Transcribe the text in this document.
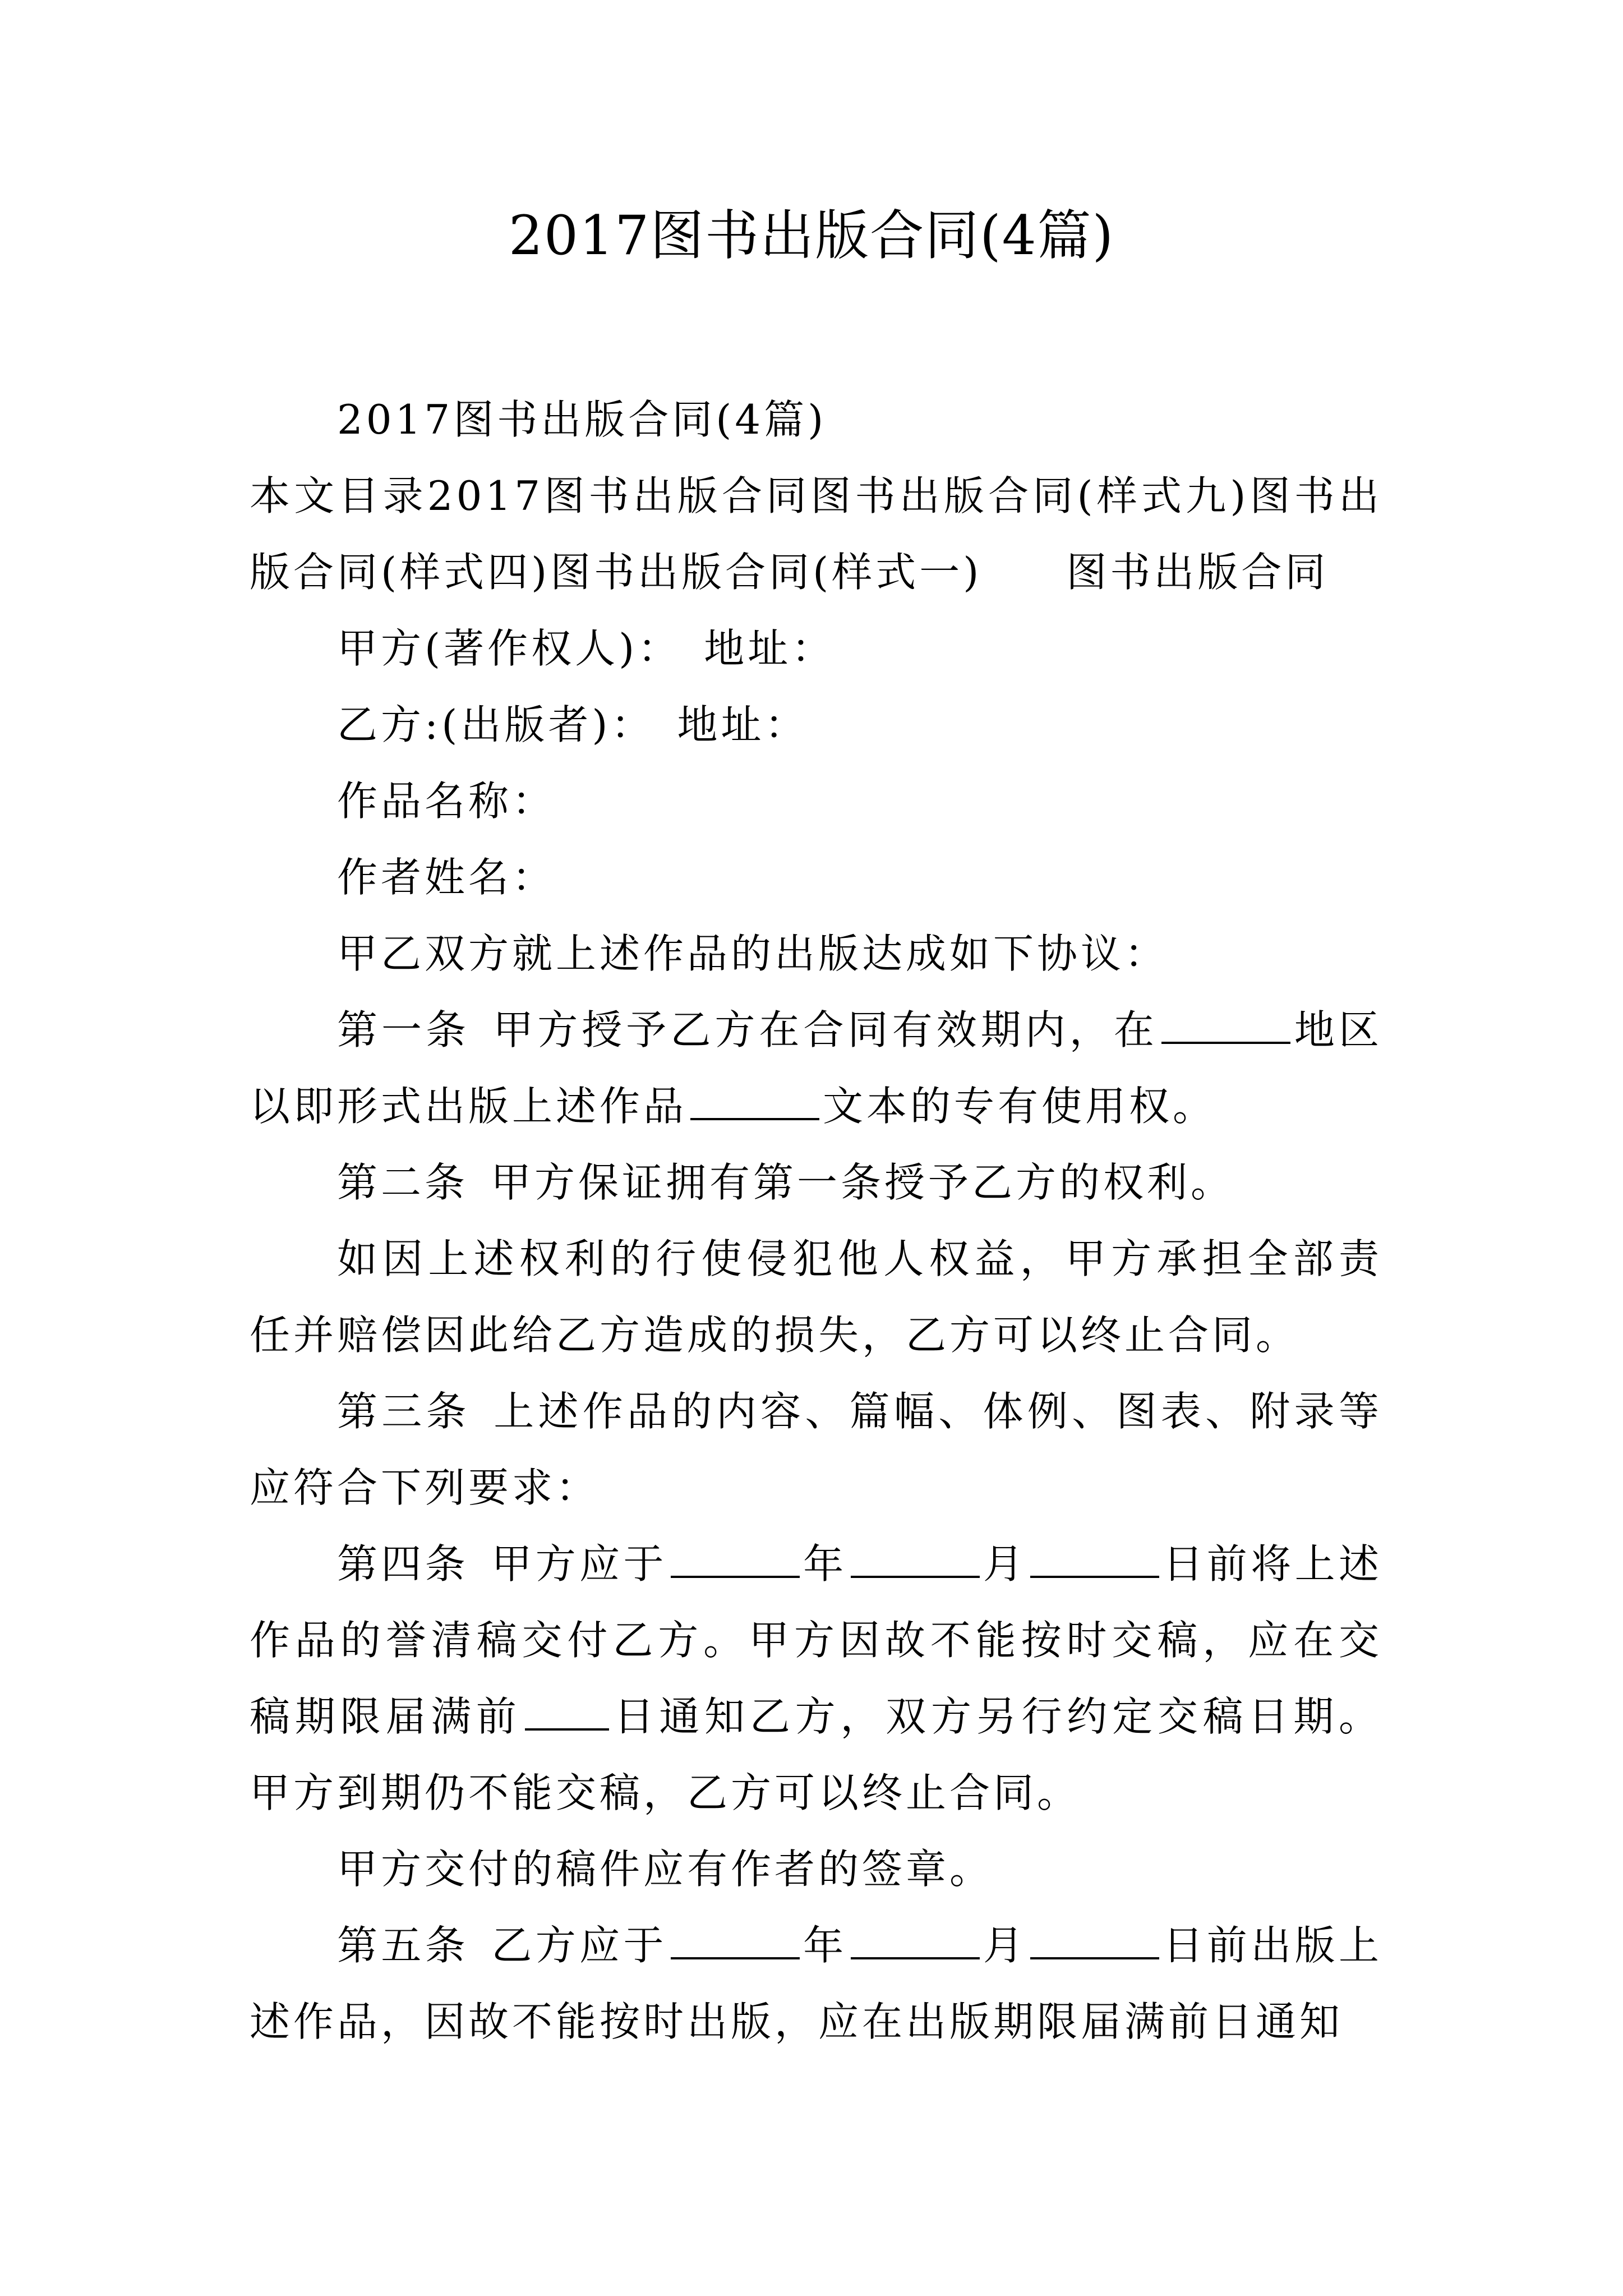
2017图书出版合同(4篇)

2017图书出版合同(4篇)

本文目录2017图书出版合同图书出版合同(样式九)图书出版合同(样式四)图书出版合同(样式一) 图书出版合同

甲方(著作权人)： 地址：

乙方:(出版者)： 地址：

作品名称：

作者姓名：

甲乙双方就上述作品的出版达成如下协议：

第一条 甲方授予乙方在合同有效期内，在	地区以即形式出版上述作品	文本的专有使用权。

第二条 甲方保证拥有第一条授予乙方的权利。

如因上述权利的行使侵犯他人权益，甲方承担全部责任并赔偿因此给乙方造成的损失，乙方可以终止合同。

第三条 上述作品的内容、篇幅、体例、图表、附录等应符合下列要求：

第四条 甲方应于	年	月	日前将上述作品的誉清稿交付乙方。甲方因故不能按时交稿，应在交稿期限届满前 日通知乙方，双方另行约定交稿日期。甲方到期仍不能交稿，乙方可以终止合同。

甲方交付的稿件应有作者的签章。

第五条 乙方应于	年	月	日前出版上述作品，因故不能按时出版，应在出版期限届满前日通知
